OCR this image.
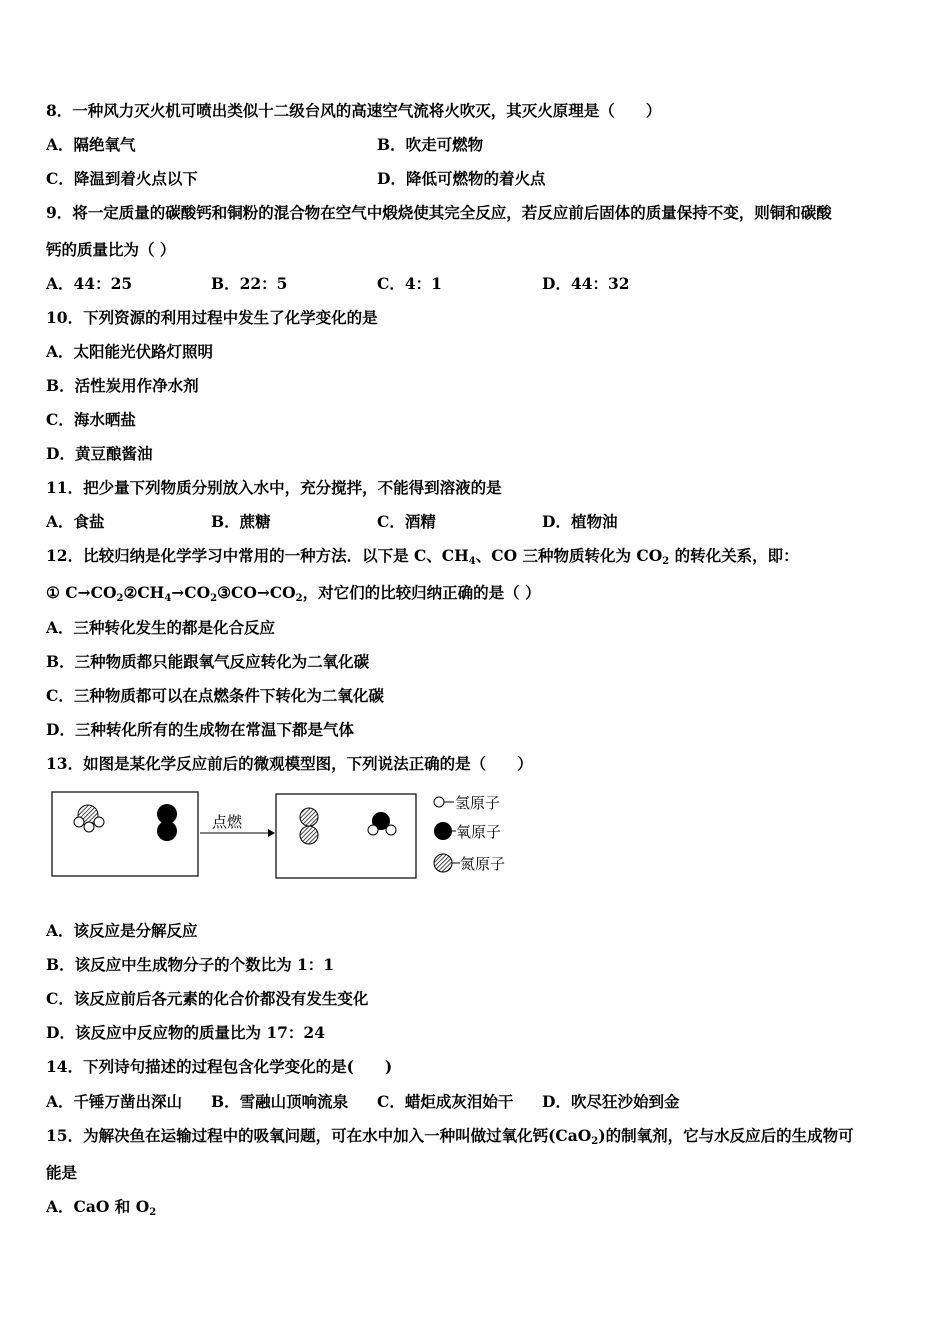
8．一种风力灭火机可喷出类似十二级台风的高速空气流将火吹灭，其灭火原理是（　　）
A．隔绝氧气	B．吹走可燃物
C．降温到着火点以下	D．降低可燃物的着火点
9．将一定质量的碳酸钙和铜粉的混合物在空气中煅烧使其完全反应，若反应前后固体的质量保持不变，则铜和碳酸
钙的质量比为（ ）
A．44：25	B．22：5	C．4：1	D．44：32
10．下列资源的利用过程中发生了化学变化的是
A．太阳能光伏路灯照明
B．活性炭用作净水剂
C．海水晒盐
D．黄豆酿酱油
11．把少量下列物质分别放入水中，充分搅拌，不能得到溶液的是
A．食盐	B．蔗糖	C．酒精	D．植物油
12．比较归纳是化学学习中常用的一种方法．以下是 C、$CH_4$、CO 三种物质转化为 $CO_2$ 的转化关系，即：
① $C\to CO_2②CH_4\to CO_2③CO\to CO_2$，对它们的比较归纳正确的是（ ）
A．三种转化发生的都是化合反应
B．三种物质都只能跟氧气反应转化为二氧化碳
C．三种物质都可以在点燃条件下转化为二氧化碳
D．三种转化所有的生成物在常温下都是气体
13．如图是某化学反应前后的微观模型图，下列说法正确的是（　　）
点燃
氢原子
氧原子
氮原子
A．该反应是分解反应
B．该反应中生成物分子的个数比为 1：1
C．该反应前后各元素的化合价都没有发生变化
D．该反应中反应物的质量比为 17：24
14．下列诗句描述的过程包含化学变化的是(　　)
A．千锤万凿出深山 B．雪融山顶响流泉 C．蜡炬成灰泪始干 D．吹尽狂沙始到金
15．为解决鱼在运输过程中的吸氧问题，可在水中加入一种叫做过氧化钙(CaO$_2$)的制氧剂，它与水反应后的生成物可
能是
A．CaO 和 $O_2$
